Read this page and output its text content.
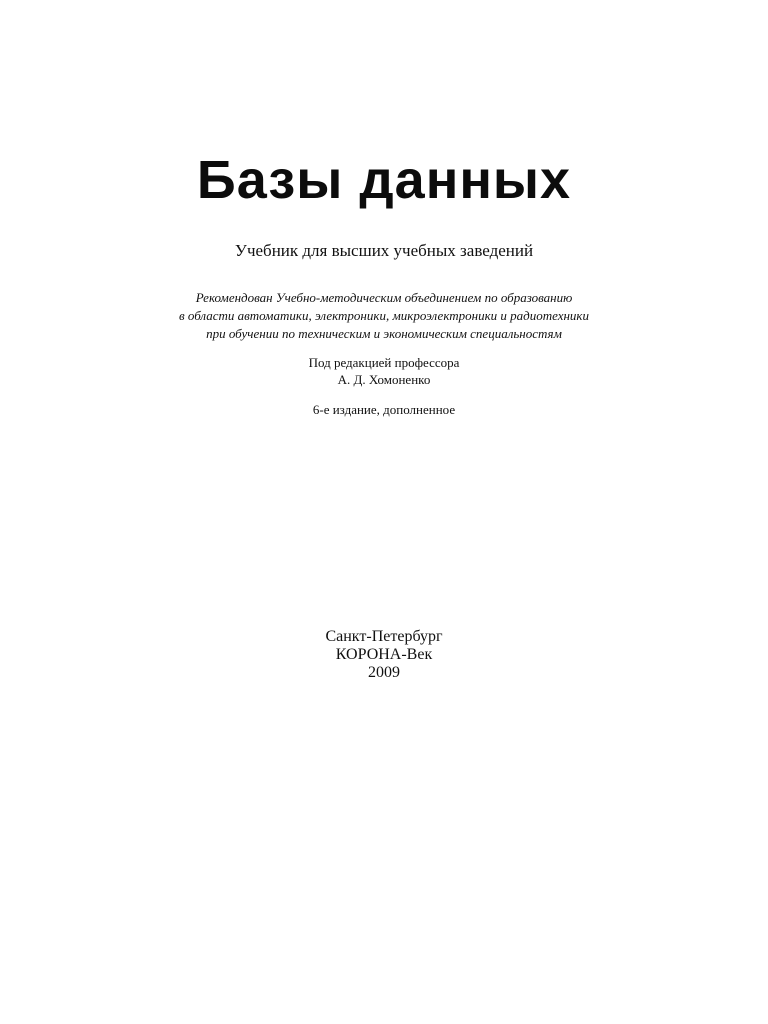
Базы данных
Учебник для высших учебных заведений
Рекомендован Учебно-методическим объединением по образованию
в области автоматики, электроники, микроэлектроники и радиотехники
при обучении по техническим и экономическим специальностям
Под редакцией профессора
А. Д. Хомоненко
6-е издание, дополненное
Санкт-Петербург
КОРОНА-Век
2009
